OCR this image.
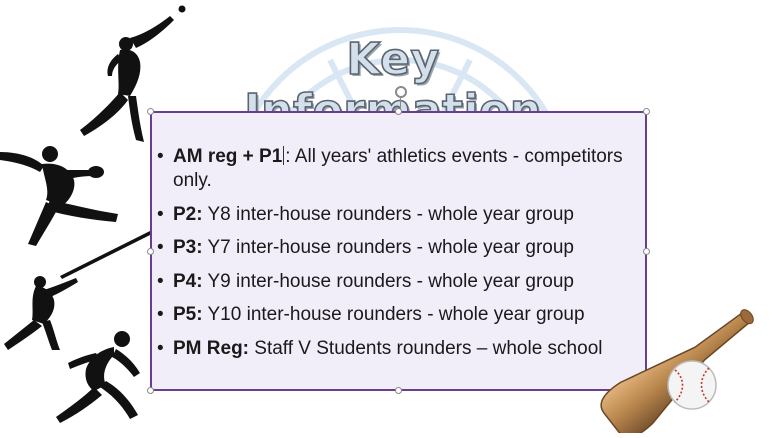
Key
• AM reg + P1 : All years' athletics events - competitors only.
• P2: Y8 inter-house rounders - whole year group
• P3: Y7 inter-house rounders - whole year group
• P4: Y9 inter-house rounders - whole year group
• P5: Y10 inter-house rounders - whole year group
• PM Reg: Staff V Students rounders – whole school
